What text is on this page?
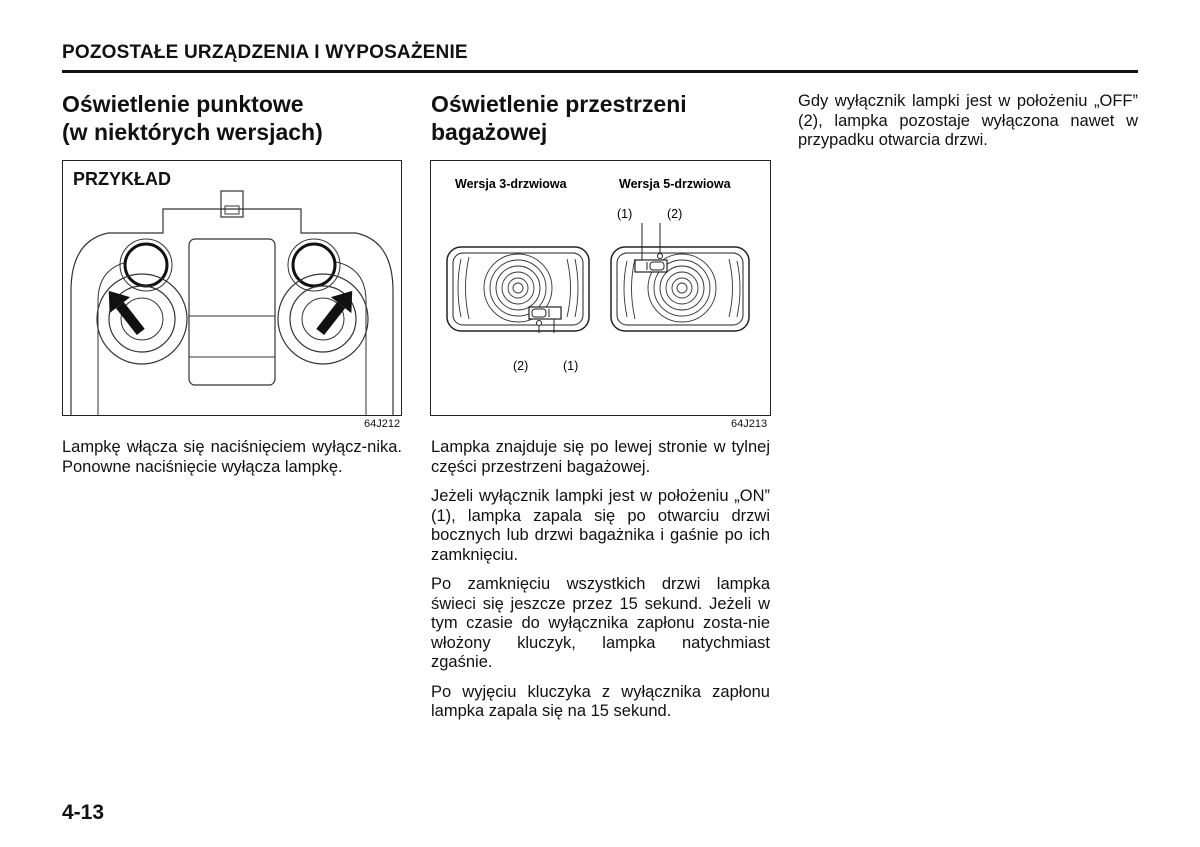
POZOSTAŁE URZĄDZENIA I WYPOSAŻENIE
Oświetlenie punktowe
(w niektórych wersjach)
PRZYKŁAD
64J212

Lampkę włącza się naciśnięciem wyłącz-nika. Ponowne naciśnięcie wyłącza lampkę.

Oświetlenie przestrzeni
bagażowej
Wersja 3-drzwiowa	Wersja 5-drzwiowa
(2)	(1)
(1)	(2)
64J213

Lampka znajduje się po lewej stronie w tylnej części przestrzeni bagażowej.

Jeżeli wyłącznik lampki jest w położeniu „ON” (1), lampka zapala się po otwarciu drzwi bocznych lub drzwi bagażnika i gaśnie po ich zamknięciu.

Po zamknięciu wszystkich drzwi lampka świeci się jeszcze przez 15 sekund. Jeżeli w tym czasie do wyłącznika zapłonu zosta-nie włożony kluczyk, lampka natychmiast zgaśnie.

Po wyjęciu kluczyka z wyłącznika zapłonu lampka zapala się na 15 sekund.

Gdy wyłącznik lampki jest w położeniu „OFF” (2), lampka pozostaje wyłączona nawet w przypadku otwarcia drzwi.

4-13
